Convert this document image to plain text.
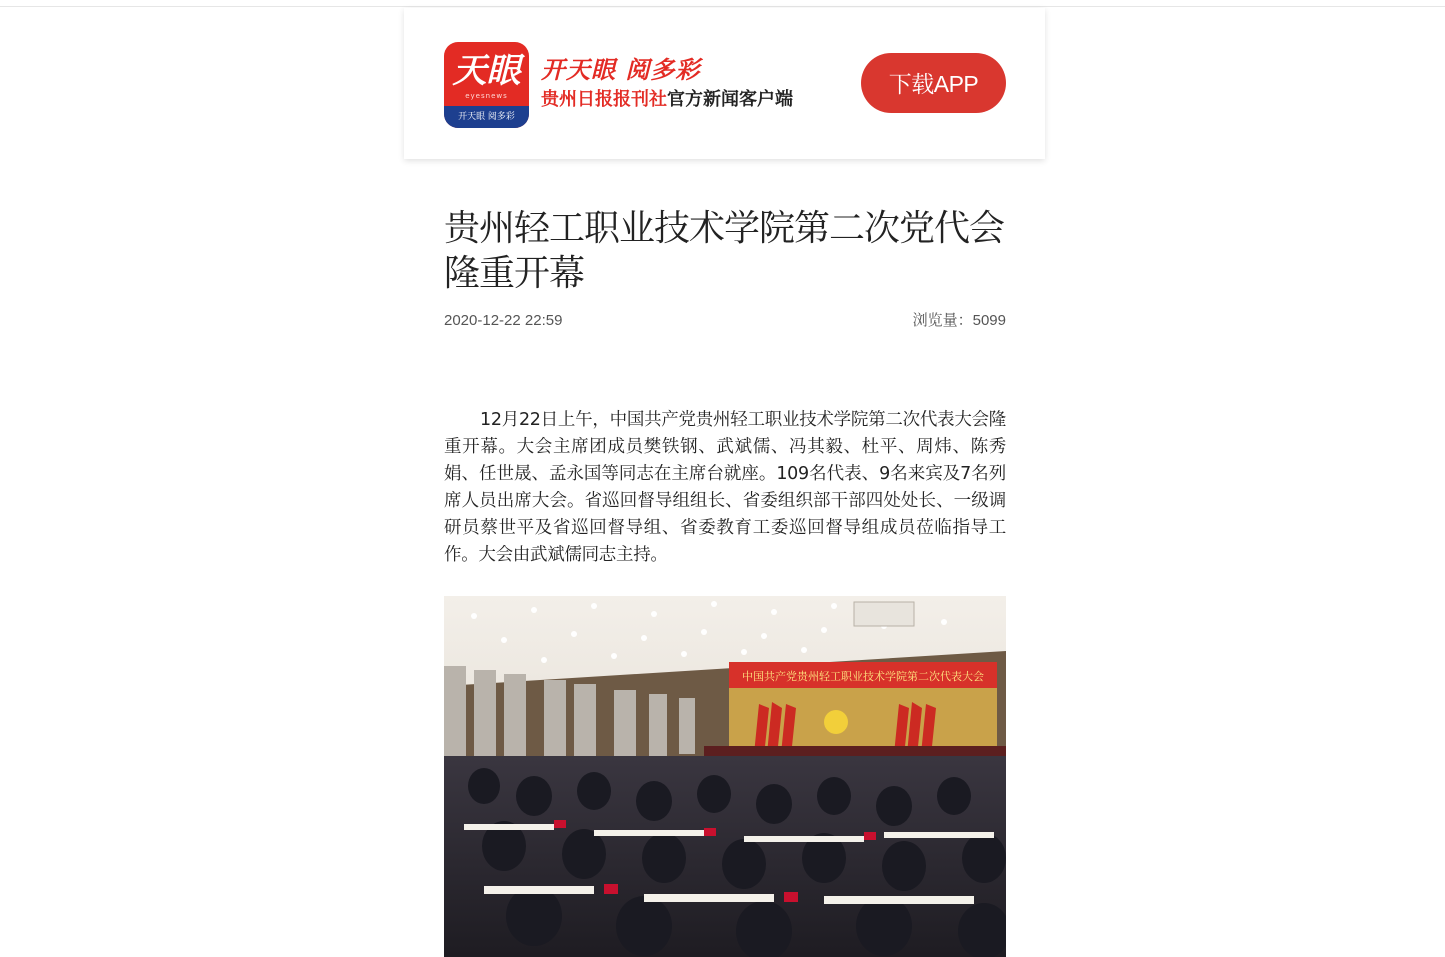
天眼
eyesnews
开天眼 阅多彩
开天眼 阅多彩
贵州日报报刊社官方新闻客户端
下载APP
贵州轻工职业技术学院第二次党代会隆重开幕
2020-12-22 22:59	浏览量：5099

12月22日上午，中国共产党贵州轻工职业技术学院第二次代表大会隆重开幕。大会主席团成员樊铁钢、武斌儒、冯其毅、杜平、周炜、陈秀娟、任世晟、孟永国等同志在主席台就座。109名代表、9名来宾及7名列席人员出席大会。省巡回督导组组长、省委组织部干部四处处长、一级调研员蔡世平及省巡回督导组、省委教育工委巡回督导组成员莅临指导工作。大会由武斌儒同志主持。

中国共产党贵州轻工职业技术学院第二次代表大会
